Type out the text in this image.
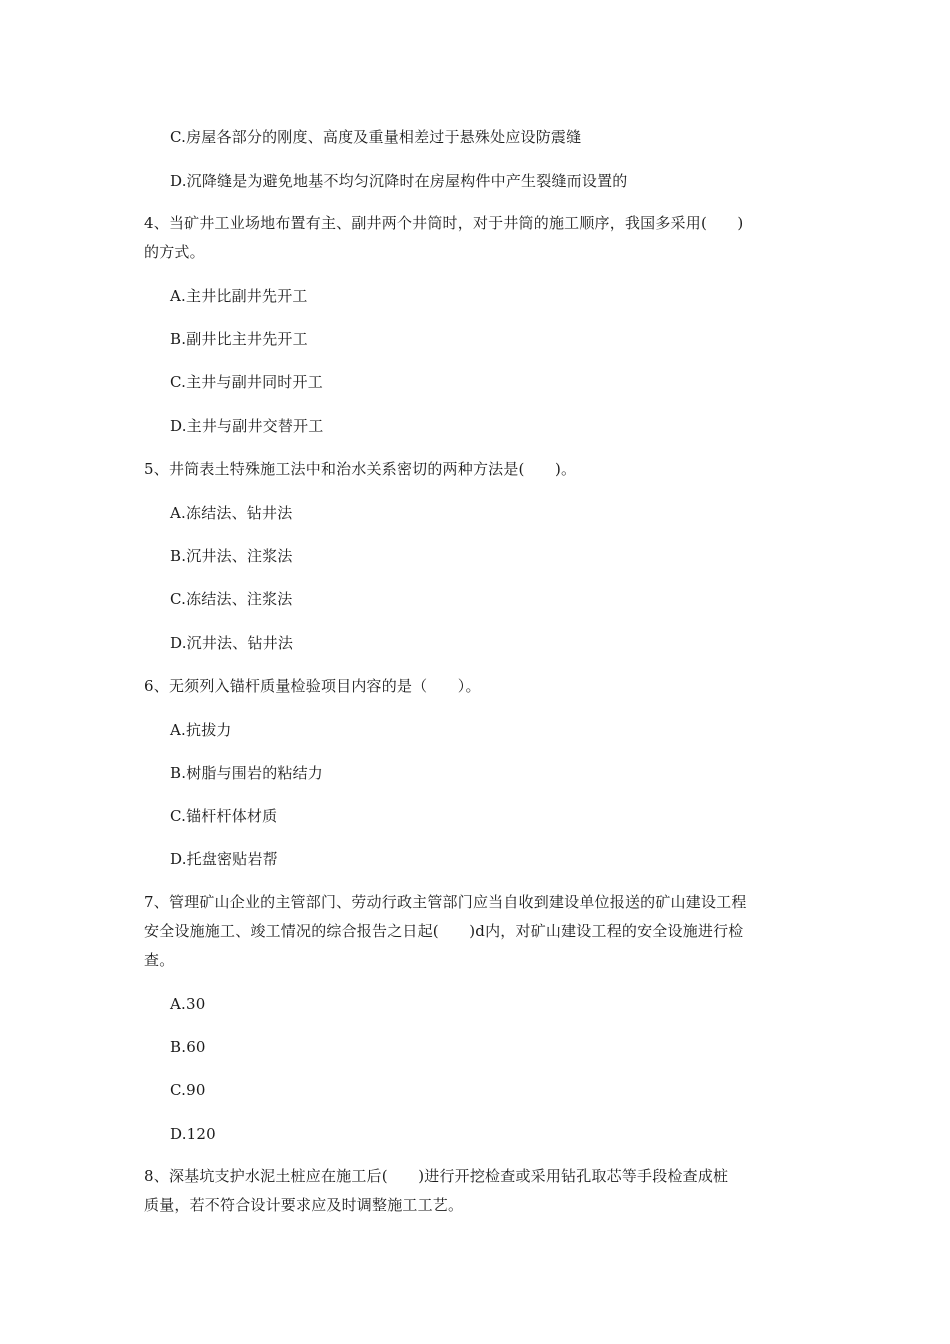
C.房屋各部分的刚度、高度及重量相差过于悬殊处应设防震缝
D.沉降缝是为避免地基不均匀沉降时在房屋构件中产生裂缝而设置的
4、当矿井工业场地布置有主、副井两个井筒时，对于井筒的施工顺序，我国多采用(　　)
的方式。
A.主井比副井先开工
B.副井比主井先开工
C.主井与副井同时开工
D.主井与副井交替开工
5、井筒表土特殊施工法中和治水关系密切的两种方法是(　　)。
A.冻结法、钻井法
B.沉井法、注浆法
C.冻结法、注浆法
D.沉井法、钻井法
6、无须列入锚杆质量检验项目内容的是（　　）。
A.抗拔力
B.树脂与围岩的粘结力
C.锚杆杆体材质
D.托盘密贴岩帮
7、管理矿山企业的主管部门、劳动行政主管部门应当自收到建设单位报送的矿山建设工程
安全设施施工、竣工情况的综合报告之日起(　　)d内，对矿山建设工程的安全设施进行检
查。
A.30
B.60
C.90
D.120
8、深基坑支护水泥土桩应在施工后(　　)进行开挖检查或采用钻孔取芯等手段检查成桩
质量，若不符合设计要求应及时调整施工工艺。
